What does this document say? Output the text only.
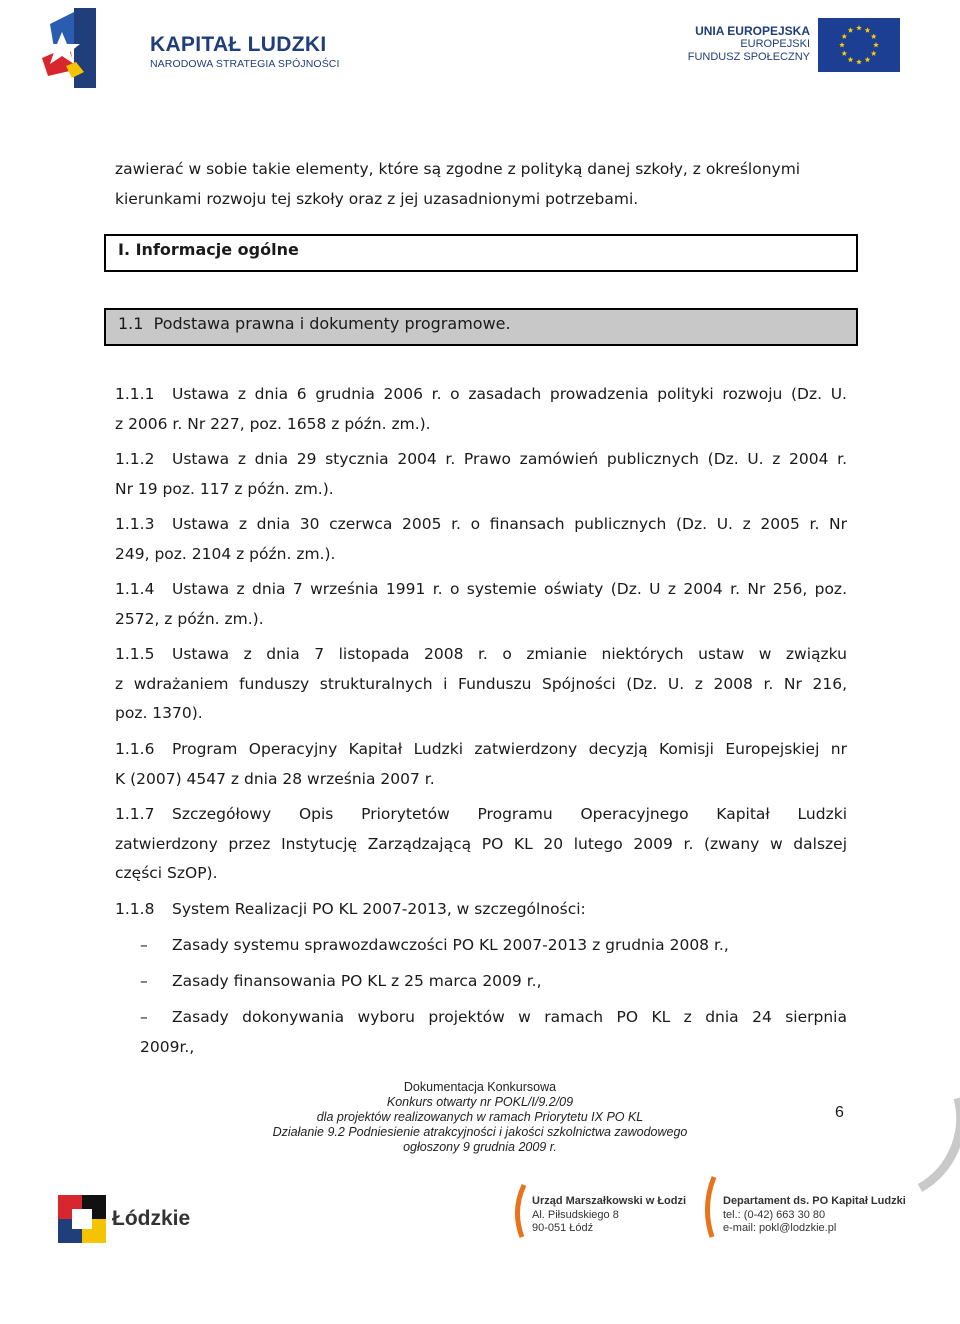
KAPITAŁ LUDZKI
NARODOWA STRATEGIA SPÓJNOŚCI
UNIA EUROPEJSKA
EUROPEJSKI
FUNDUSZ SPOŁECZNY
zawierać w sobie takie elementy, które są zgodne z polityką danej szkoły, z określonymi
kierunkami rozwoju tej szkoły oraz z jej uzasadnionymi potrzebami.
I. Informacje ogólne
1.1  Podstawa prawna i dokumenty programowe.
1.1.1 Ustawa z dnia 6 grudnia 2006 r. o zasadach prowadzenia polityki rozwoju (Dz. U.
z 2006 r. Nr 227, poz. 1658 z późn. zm.).
1.1.2 Ustawa z dnia 29 stycznia 2004 r. Prawo zamówień publicznych (Dz. U. z 2004 r.
Nr 19 poz. 117 z późn. zm.).
1.1.3 Ustawa z dnia 30 czerwca 2005 r. o finansach publicznych (Dz. U. z 2005 r. Nr
249, poz. 2104 z późn. zm.).
1.1.4 Ustawa z dnia 7 września 1991 r. o systemie oświaty (Dz. U z 2004 r. Nr 256, poz.
2572, z późn. zm.).
1.1.5 Ustawa z dnia 7 listopada 2008 r. o zmianie niektórych ustaw w związku
z wdrażaniem funduszy strukturalnych i Funduszu Spójności (Dz. U. z 2008 r. Nr 216,
poz. 1370).
1.1.6 Program Operacyjny Kapitał Ludzki zatwierdzony decyzją Komisji Europejskiej nr
K (2007) 4547 z dnia 28 września 2007 r.
1.1.7 Szczegółowy Opis Priorytetów Programu Operacyjnego Kapitał Ludzki
zatwierdzony przez Instytucję Zarządzającą PO KL 20 lutego 2009 r. (zwany w dalszej
części SzOP).
1.1.8 System Realizacji PO KL 2007-2013, w szczególności:
–	Zasady systemu sprawozdawczości PO KL 2007-2013 z grudnia 2008 r.,
–	Zasady finansowania PO KL z 25 marca 2009 r.,
–	Zasady dokonywania wyboru projektów w ramach PO KL z dnia 24 sierpnia
2009r.,
Dokumentacja Konkursowa
Konkurs otwarty nr POKL/I/9.2/09
dla projektów realizowanych w ramach Priorytetu IX PO KL
Działanie 9.2 Podniesienie atrakcyjności i jakości szkolnictwa zawodowego
ogłoszony 9 grudnia 2009 r.
6
Łódzkie
Urząd Marszałkowski w Łodzi
Al. Piłsudskiego 8
90-051 Łódź
Departament ds. PO Kapitał Ludzki
tel.: (0-42) 663 30 80
e-mail: pokl@lodzkie.pl
